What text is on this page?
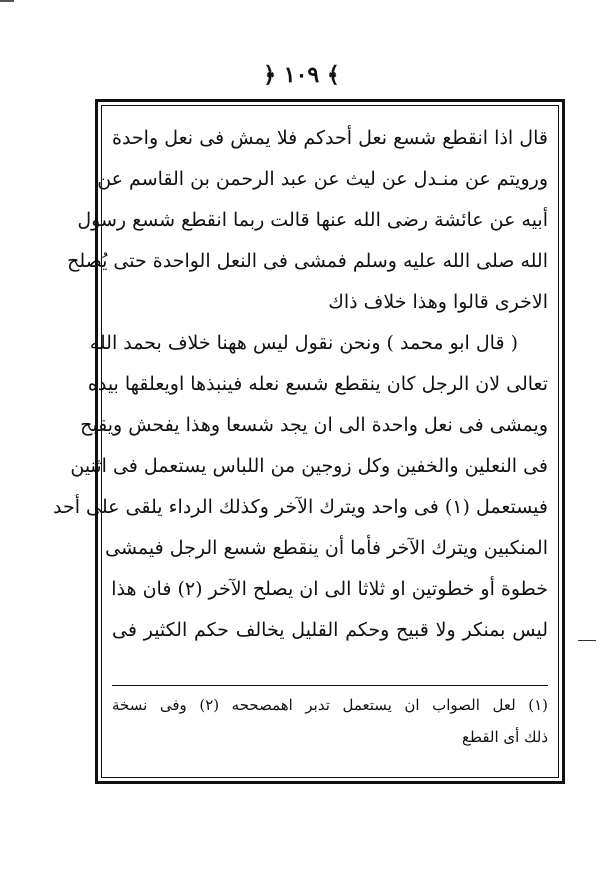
﴿ ١٠٩ ﴾
قال اذا انقطع شسع نعل أحدكم فلا يمش فى نعل واحدة
ورويتم عن منـدل عن ليث عن عبد الرحمن بن القاسم عن
أبيه عن عائشة رضى الله عنها قالت ربما انقطع شسع رسول
الله صلى الله عليه وسلم فمشى فى النعل الواحدة حتى يُصلح
الاخرى قالوا وهذا خلاف ذاك
( قال ابو محمد ) ونحن نقول ليس ههنا خلاف بحمد الله
تعالى لان الرجل كان ينقطع شسع نعله فينبذها اويعلقها بيده
ويمشى فى نعل واحدة الى ان يجد شسعا وهذا يفحش ويقبح
فى النعلين والخفين وكل زوجين من اللباس يستعمل فى اثنين
فيستعمل (١) فى واحد ويترك الآخر وكذلك الرداء يلقى على أحد
المنكبين ويترك الآخر فأما أن ينقطع شسع الرجل فيمشى
خطوة أو خطوتين او ثلاثا الى ان يصلح الآخر (٢) فان هذا
ليس بمنكر ولا قبيح وحكم القليل يخالف حكم الكثير فى
(١) لعل الصواب ان يستعمل تدبر اهمصححه (٢) وفى نسخة
ذلك أى القطع
